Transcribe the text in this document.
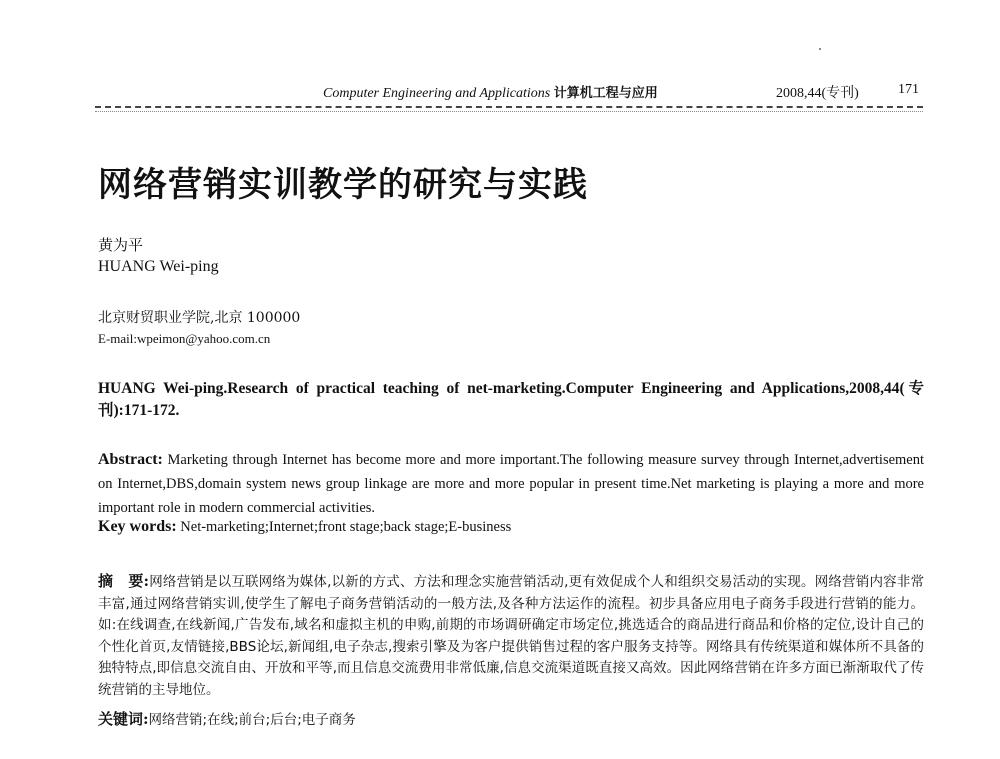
Computer Engineering and Applications 计算机工程与应用	2008,44(专刊)	171
网络营销实训教学的研究与实践
黄为平
HUANG Wei-ping
北京财贸职业学院,北京 100000
E-mail:wpeimon@yahoo.com.cn
HUANG Wei-ping.Research of practical teaching of net-marketing.Computer Engineering and Applications,2008,44(专刊):171-172.
Abstract: Marketing through Internet has become more and more important.The following measure survey through Internet,advertisement on Internet,DBS,domain system news group linkage are more and more popular in present time.Net marketing is playing a more and more important role in modern commercial activities.
Key words: Net-marketing;Internet;front stage;back stage;E-business
摘　要:网络营销是以互联网络为媒体,以新的方式、方法和理念实施营销活动,更有效促成个人和组织交易活动的实现。网络营销内容非常丰富,通过网络营销实训,使学生了解电子商务营销活动的一般方法,及各种方法运作的流程。初步具备应用电子商务手段进行营销的能力。如:在线调查,在线新闻,广告发布,域名和虚拟主机的申购,前期的市场调研确定市场定位,挑选适合的商品进行商品和价格的定位,设计自己的个性化首页,友情链接,BBS论坛,新闻组,电子杂志,搜索引擎及为客户提供销售过程的客户服务支持等。网络具有传统渠道和媒体所不具备的独特特点,即信息交流自由、开放和平等,而且信息交流费用非常低廉,信息交流渠道既直接又高效。因此网络营销在许多方面已渐渐取代了传统营销的主导地位。
关键词:网络营销;在线;前台;后台;电子商务
